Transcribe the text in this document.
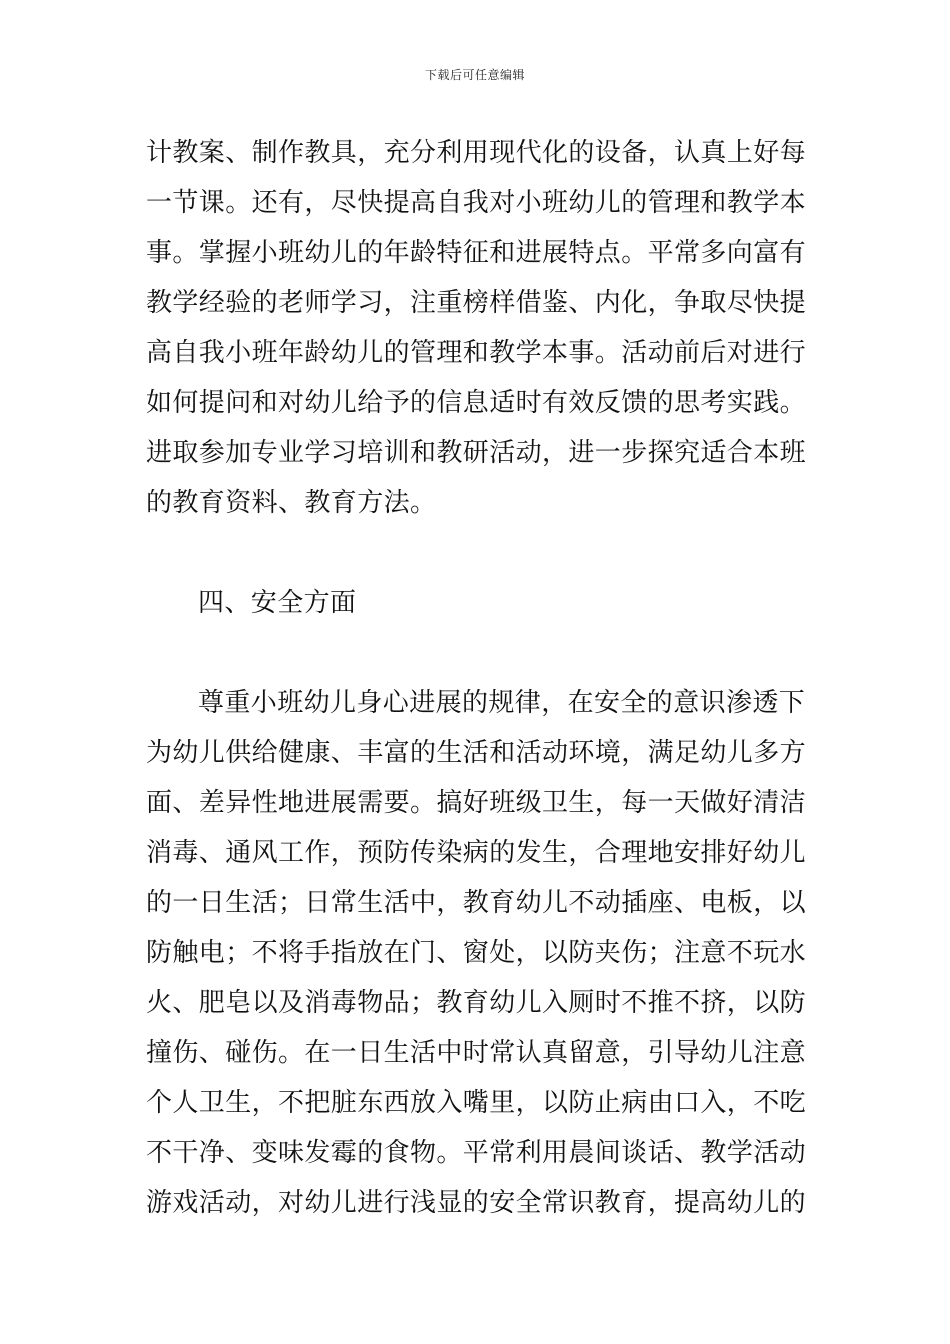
下载后可任意编辑
计教案、制作教具，充分利用现代化的设备，认真上好每
一节课。还有，尽快提高自我对小班幼儿的管理和教学本
事。掌握小班幼儿的年龄特征和进展特点。平常多向富有
教学经验的老师学习，注重榜样借鉴、内化，争取尽快提
高自我小班年龄幼儿的管理和教学本事。活动前后对进行
如何提问和对幼儿给予的信息适时有效反馈的思考实践。
进取参加专业学习培训和教研活动，进一步探究适合本班
的教育资料、教育方法。
四、安全方面
尊重小班幼儿身心进展的规律，在安全的意识渗透下
为幼儿供给健康、丰富的生活和活动环境，满足幼儿多方
面、差异性地进展需要。搞好班级卫生，每一天做好清洁
消毒、通风工作，预防传染病的发生，合理地安排好幼儿
的一日生活；日常生活中，教育幼儿不动插座、电板，以
防触电；不将手指放在门、窗处，以防夹伤；注意不玩水
火、肥皂以及消毒物品；教育幼儿入厕时不推不挤，以防
撞伤、碰伤。在一日生活中时常认真留意，引导幼儿注意
个人卫生，不把脏东西放入嘴里，以防止病由口入，不吃
不干净、变味发霉的食物。平常利用晨间谈话、教学活动
游戏活动，对幼儿进行浅显的安全常识教育，提高幼儿的
